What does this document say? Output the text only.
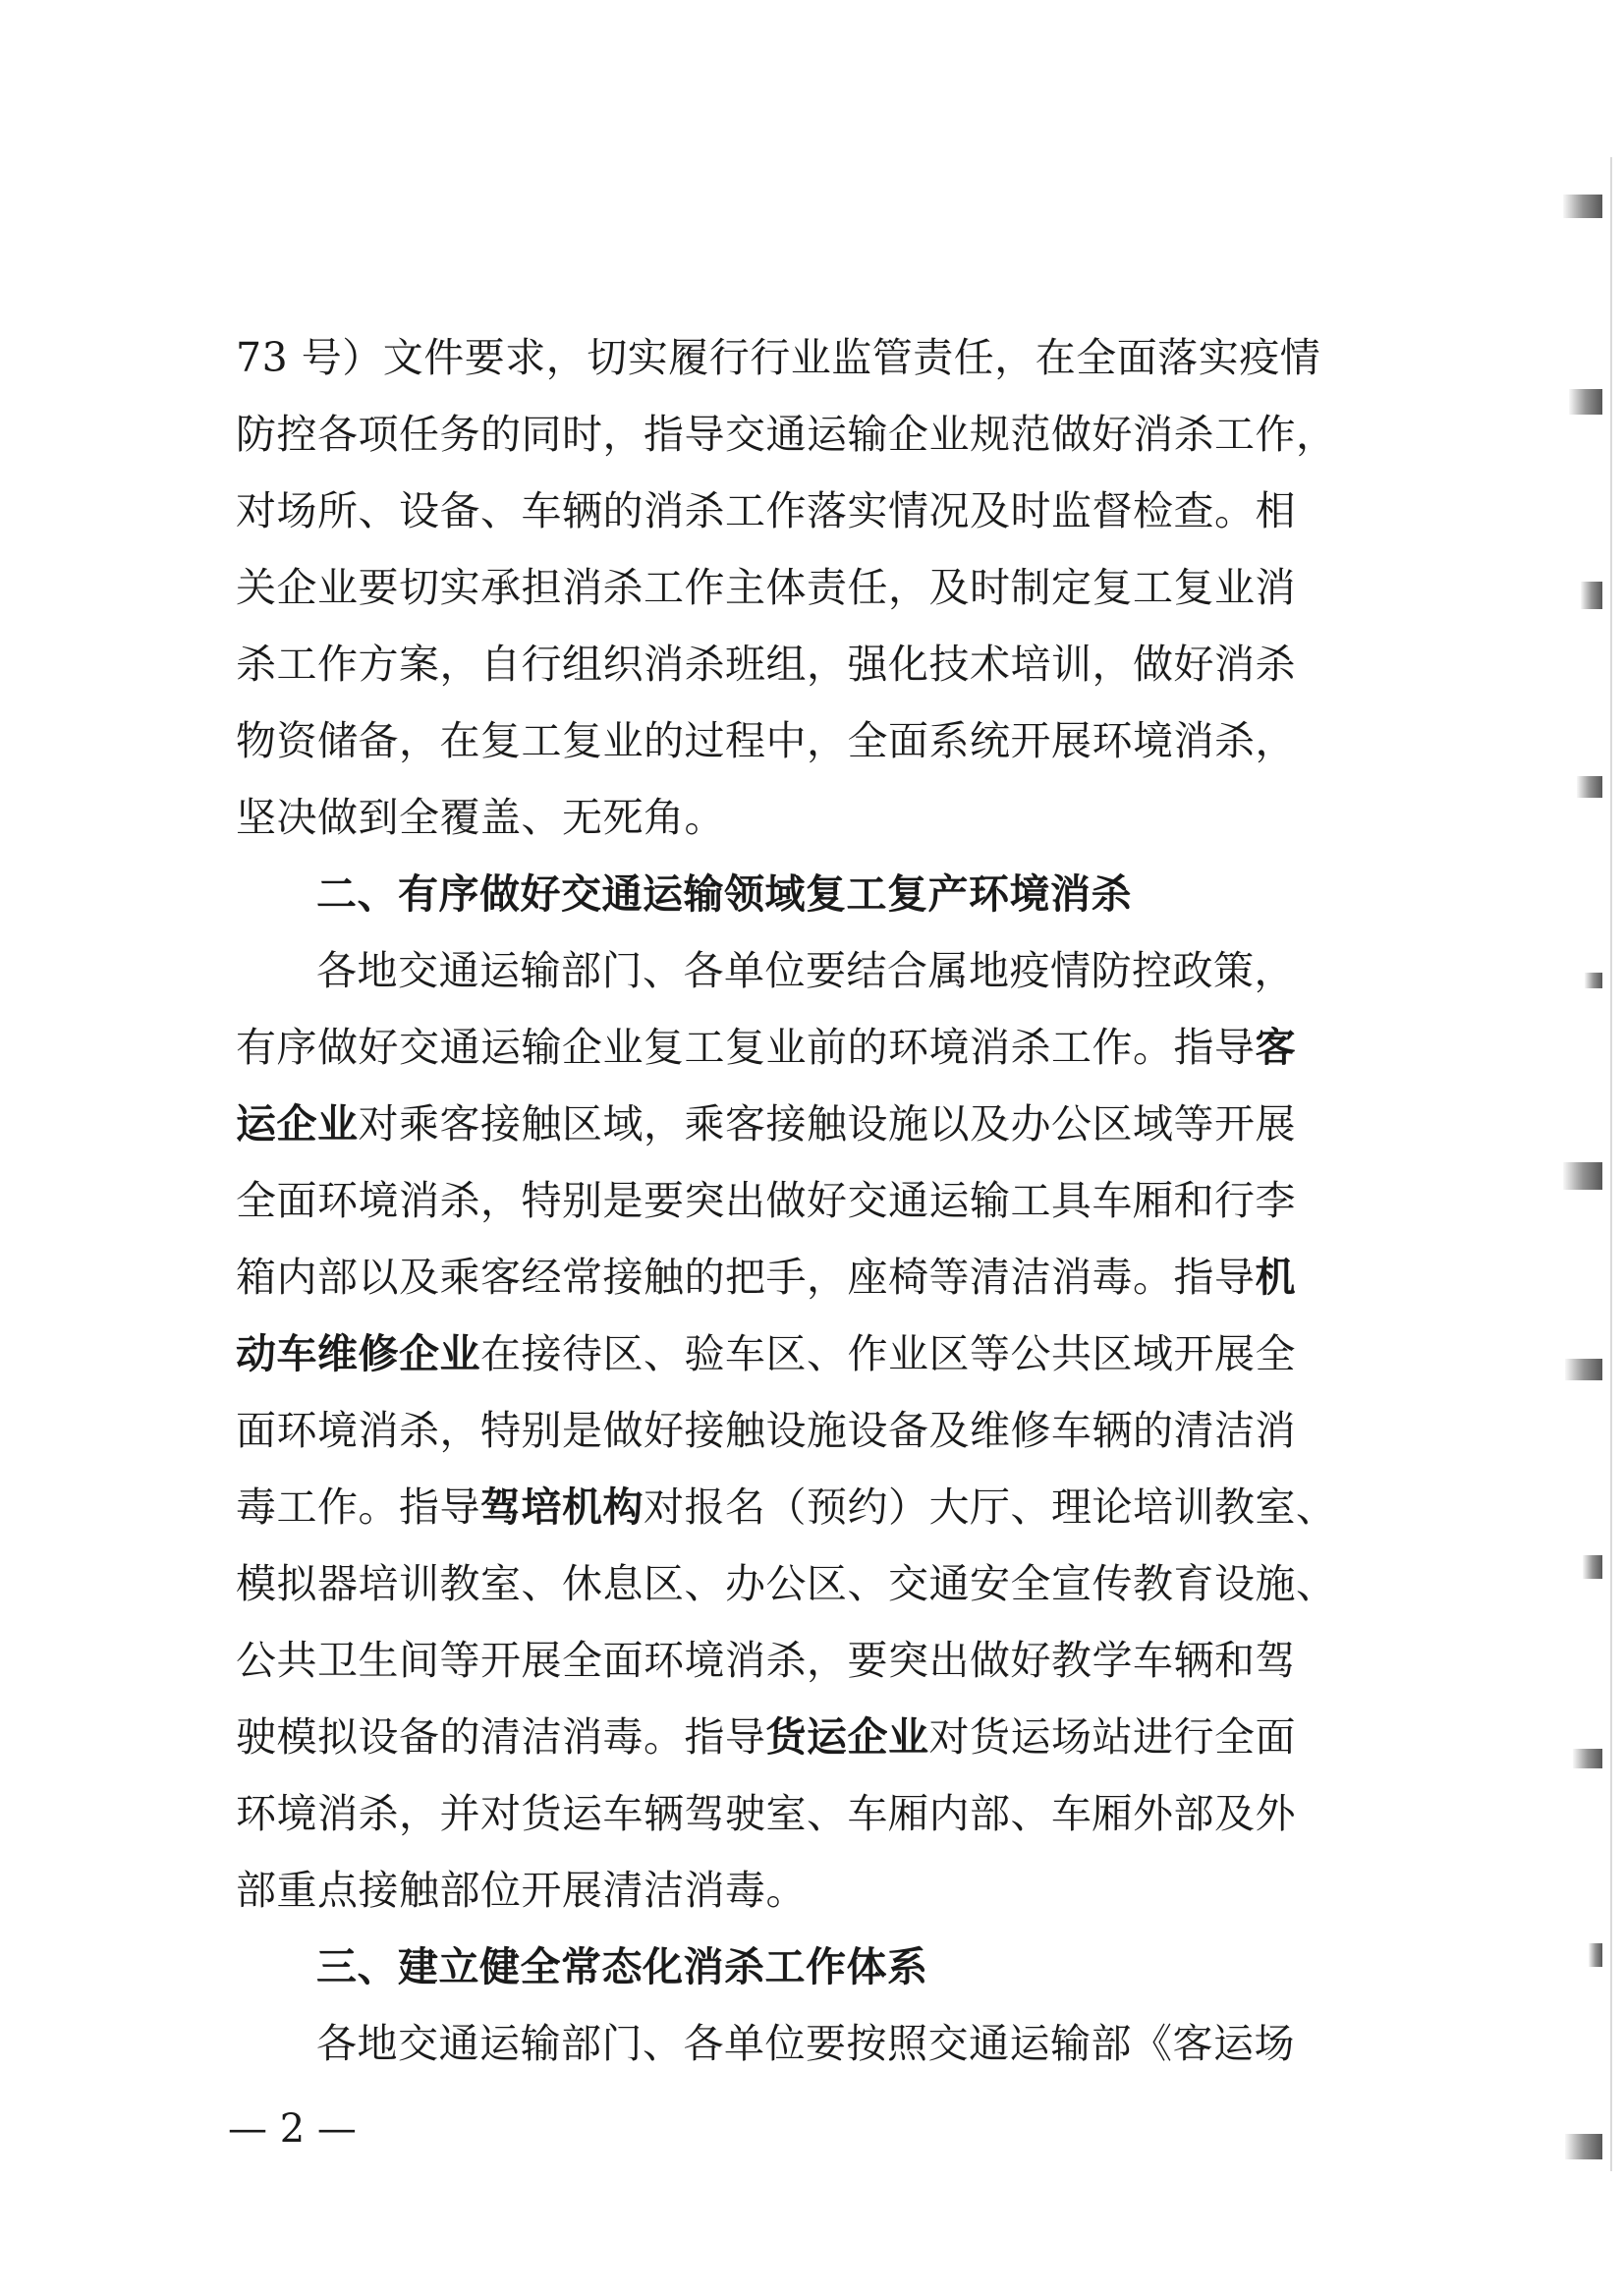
73 号）文件要求，切实履行行业监管责任，在全面落实疫情
防控各项任务的同时，指导交通运输企业规范做好消杀工作，
对场所、设备、车辆的消杀工作落实情况及时监督检查。相
关企业要切实承担消杀工作主体责任，及时制定复工复业消
杀工作方案，自行组织消杀班组，强化技术培训，做好消杀
物资储备，在复工复业的过程中，全面系统开展环境消杀，
坚决做到全覆盖、无死角。
二、有序做好交通运输领域复工复产环境消杀
各地交通运输部门、各单位要结合属地疫情防控政策，
有序做好交通运输企业复工复业前的环境消杀工作。指导客
运企业对乘客接触区域，乘客接触设施以及办公区域等开展
全面环境消杀，特别是要突出做好交通运输工具车厢和行李
箱内部以及乘客经常接触的把手，座椅等清洁消毒。指导机
动车维修企业在接待区、验车区、作业区等公共区域开展全
面环境消杀，特别是做好接触设施设备及维修车辆的清洁消
毒工作。指导驾培机构对报名（预约）大厅、理论培训教室、
模拟器培训教室、休息区、办公区、交通安全宣传教育设施、
公共卫生间等开展全面环境消杀，要突出做好教学车辆和驾
驶模拟设备的清洁消毒。指导货运企业对货运场站进行全面
环境消杀，并对货运车辆驾驶室、车厢内部、车厢外部及外
部重点接触部位开展清洁消毒。
三、建立健全常态化消杀工作体系
各地交通运输部门、各单位要按照交通运输部《客运场
— 2 —
